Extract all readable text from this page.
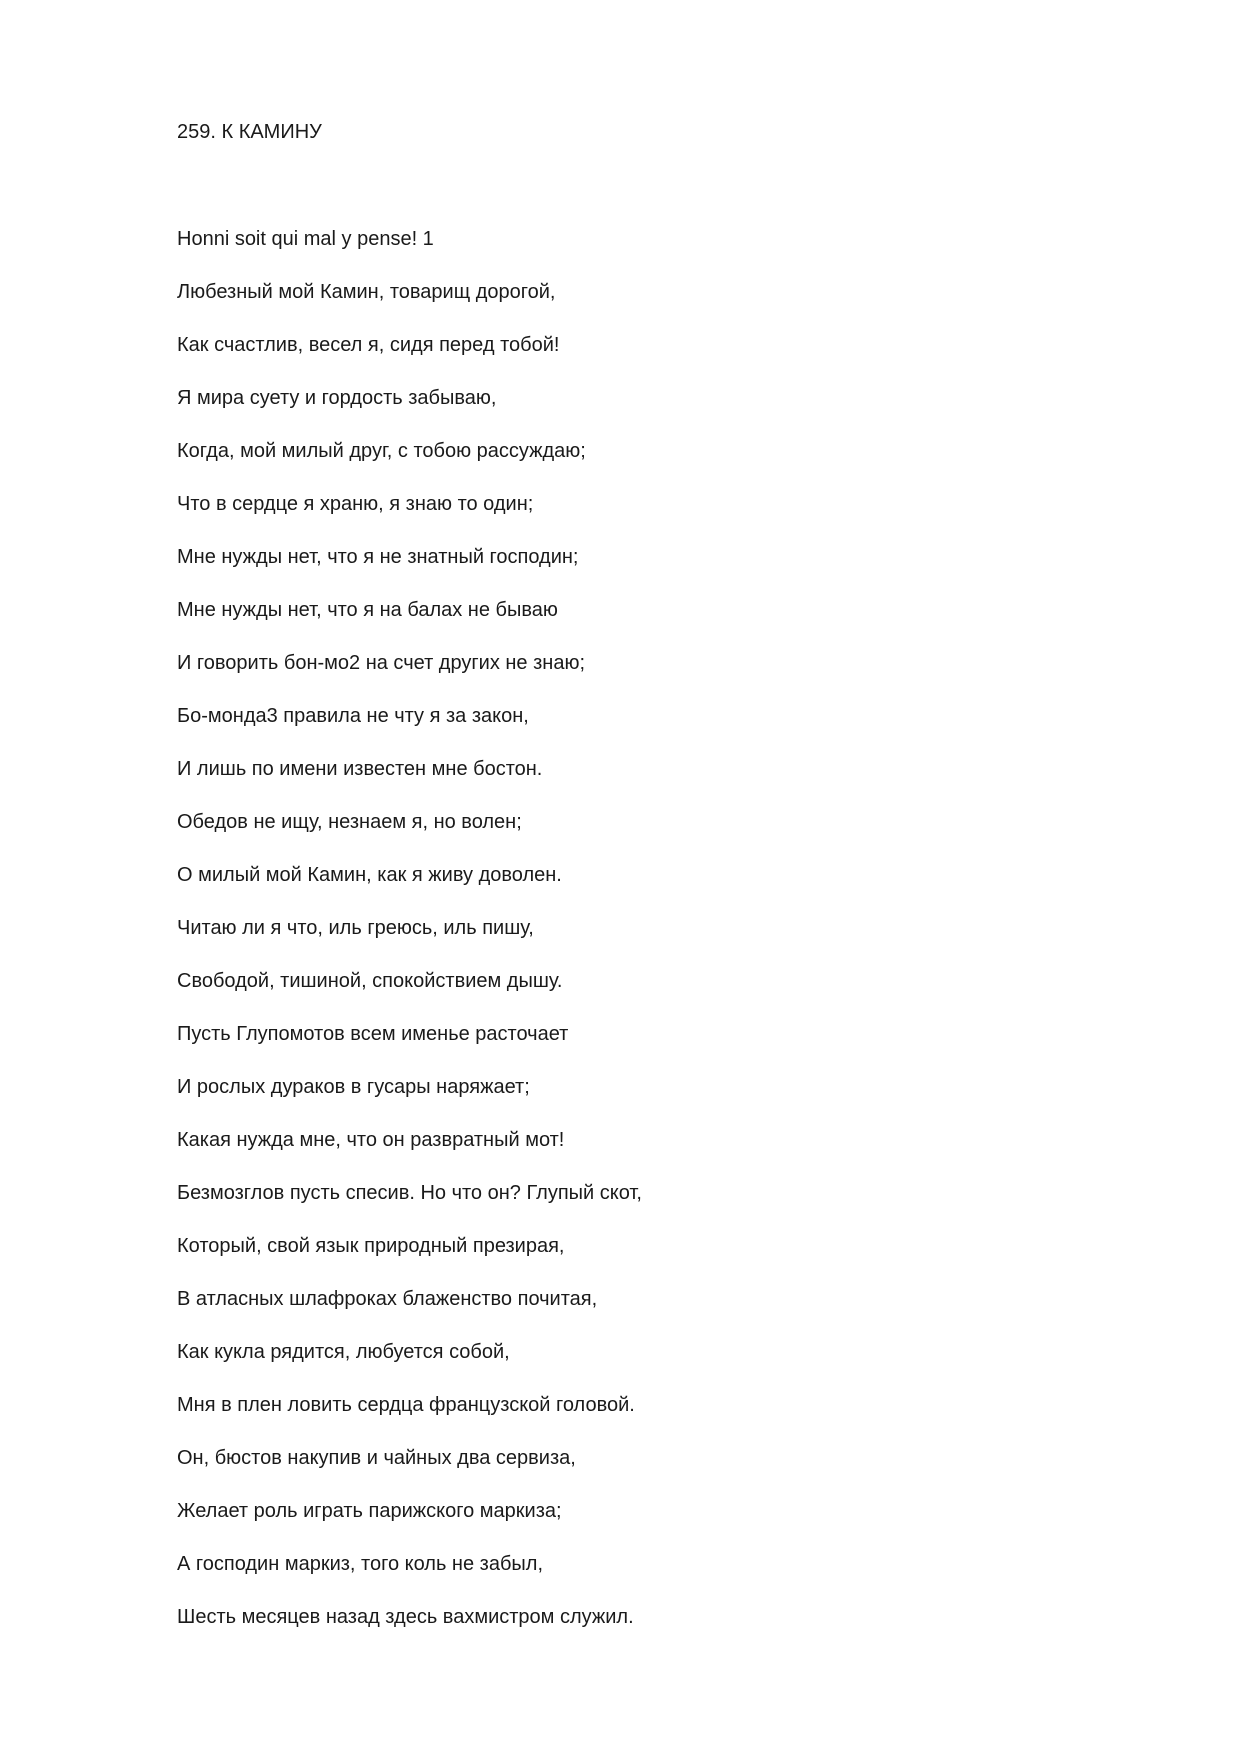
259. К КАМИНУ
Honni soit qui mal y pense! 1
Любезный мой Камин, товарищ дорогой,
Как счастлив, весел я, сидя перед тобой!
Я мира суету и гордость забываю,
Когда, мой милый друг, с тобою рассуждаю;
Что в сердце я храню, я знаю то один;
Мне нужды нет, что я не знатный господин;
Мне нужды нет, что я на балах не бываю
И говорить бон-мо2 на счет других не знаю;
Бо-монда3 правила не чту я за закон,
И лишь по имени известен мне бостон.
Обедов не ищу, незнаем я, но волен;
О милый мой Камин, как я живу доволен.
Читаю ли я что, иль греюсь, иль пишу,
Свободой, тишиной, спокойствием дышу.
Пусть Глупомотов всем именье расточает
И рослых дураков в гусары наряжает;
Какая нужда мне, что он развратный мот!
Безмозглов пусть спесив. Но что он? Глупый скот,
Который, свой язык природный презирая,
В атласных шлафроках блаженство почитая,
Как кукла рядится, любуется собой,
Мня в плен ловить сердца французской головой.
Он, бюстов накупив и чайных два сервиза,
Желает роль играть парижского маркиза;
А господин маркиз, того коль не забыл,
Шесть месяцев назад здесь вахмистром служил.
